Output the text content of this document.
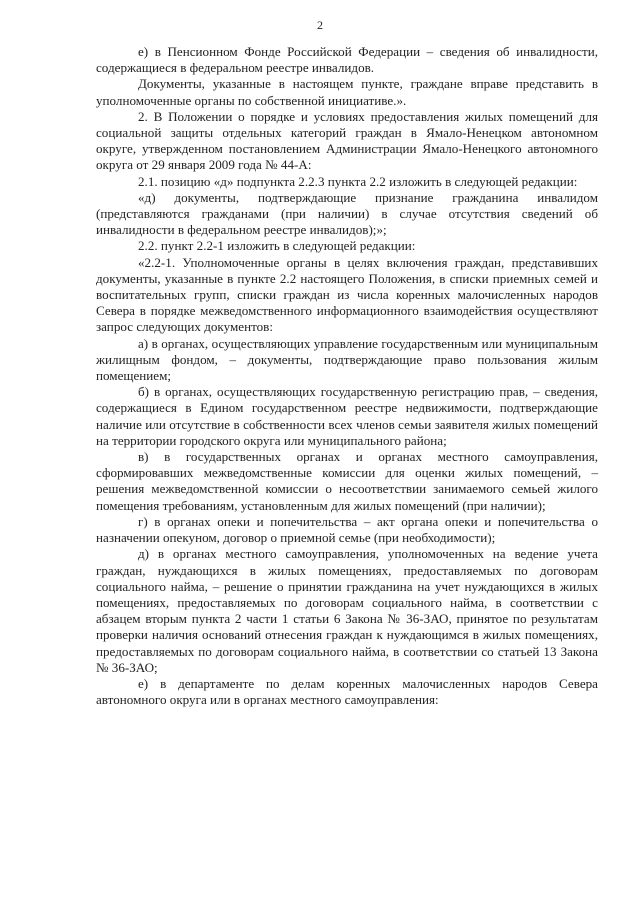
2

е) в Пенсионном Фонде Российской Федерации – сведения об инвалидности, содержащиеся в федеральном реестре инвалидов.

Документы, указанные в настоящем пункте, граждане вправе представить в уполномоченные органы по собственной инициативе.».

2. В Положении о порядке и условиях предоставления жилых помещений для социальной защиты отдельных категорий граждан в Ямало-Ненецком автономном округе, утвержденном постановлением Администрации Ямало-Ненецкого автономного округа от 29 января 2009 года № 44-А:

2.1. позицию «д» подпункта 2.2.3 пункта 2.2 изложить в следующей редакции:

«д) документы, подтверждающие признание гражданина инвалидом (представляются гражданами (при наличии) в случае отсутствия сведений об инвалидности в федеральном реестре инвалидов);»;

2.2. пункт 2.2-1 изложить в следующей редакции:

«2.2-1. Уполномоченные органы в целях включения граждан, представивших документы, указанные в пункте 2.2 настоящего Положения, в списки приемных семей и воспитательных групп, списки граждан из числа коренных малочисленных народов Севера в порядке межведомственного информационного взаимодействия осуществляют запрос следующих документов:

а) в органах, осуществляющих управление государственным или муниципальным жилищным фондом, – документы, подтверждающие право пользования жилым помещением;

б) в органах, осуществляющих государственную регистрацию прав, – сведения, содержащиеся в Едином государственном реестре недвижимости, подтверждающие наличие или отсутствие в собственности всех членов семьи заявителя жилых помещений на территории городского округа или муниципального района;

в) в государственных органах и органах местного самоуправления, сформировавших межведомственные комиссии для оценки жилых помещений, – решения межведомственной комиссии о несоответствии занимаемого семьей жилого помещения требованиям, установленным для жилых помещений (при наличии);

г) в органах опеки и попечительства – акт органа опеки и попечительства о назначении опекуном, договор о приемной семье (при необходимости);

д) в органах местного самоуправления, уполномоченных на ведение учета граждан, нуждающихся в жилых помещениях, предоставляемых по договорам социального найма, – решение о принятии гражданина на учет нуждающихся в жилых помещениях, предоставляемых по договорам социального найма, в соответствии с абзацем вторым пункта 2 части 1 статьи 6 Закона № 36-ЗАО, принятое по результатам проверки наличия оснований отнесения граждан к нуждающимся в жилых помещениях, предоставляемых по договорам социального найма, в соответствии со статьей 13 Закона № 36-ЗАО;

е) в департаменте по делам коренных малочисленных народов Севера автономного округа или в органах местного самоуправления:
